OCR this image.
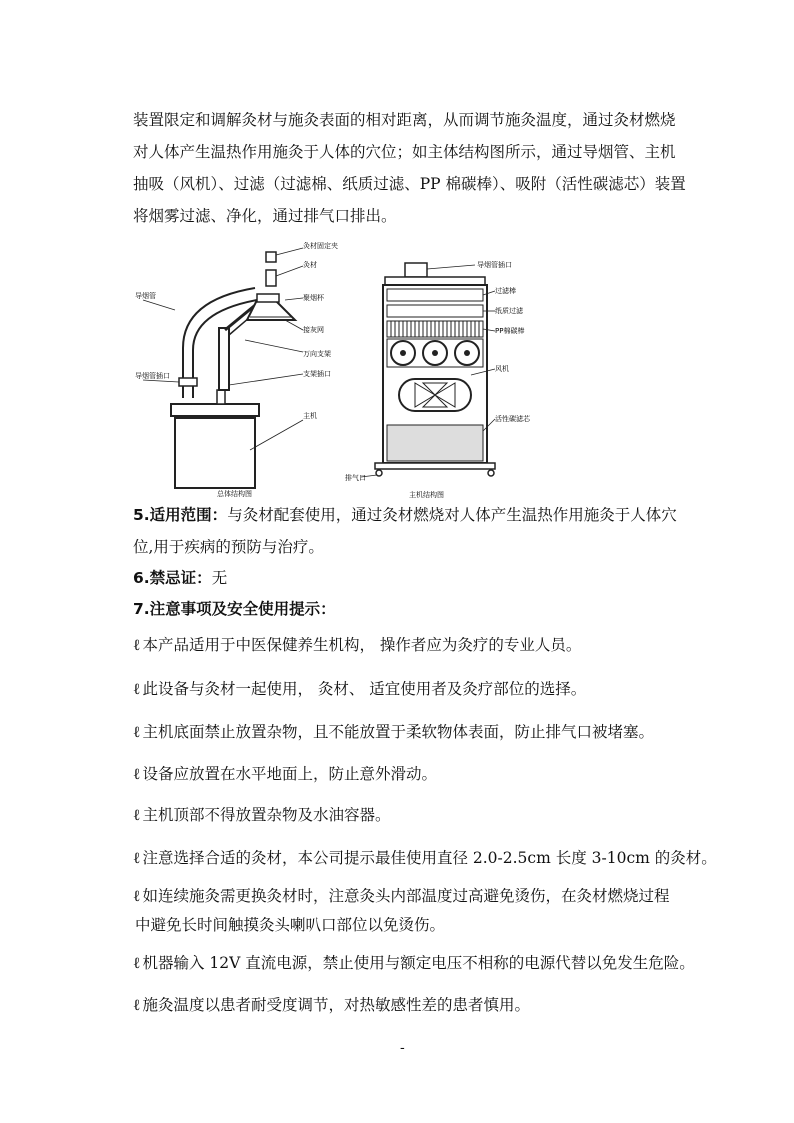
装置限定和调解灸材与施灸表面的相对距离，从而调节施灸温度，通过灸材燃烧

对人体产生温热作用施灸于人体的穴位；如主体结构图所示，通过导烟管、主机

抽吸（风机）、过滤（过滤棉、纸质过滤、PP 棉碳棒）、吸附（活性碳滤芯）装置

将烟雾过滤、净化，通过排气口排出。

灸材固定夹
灸材
聚烟杯
接灰网
万向支架
支架插口
主机
导烟管
导烟管插口
总体结构图
导烟管插口
过滤棒
纸质过滤
PP棉碳棒
风机
活性碳滤芯
排气口
主机结构图

5.适用范围：与灸材配套使用，通过灸材燃烧对人体产生温热作用施灸于人体穴

位,用于疾病的预防与治疗。

6.禁忌证：无

7.注意事项及安全使用提示：

ℓ 本产品适用于中医保健养生机构， 操作者应为灸疗的专业人员。

ℓ 此设备与灸材一起使用， 灸材、 适宜使用者及灸疗部位的选择。

ℓ 主机底面禁止放置杂物，且不能放置于柔软物体表面，防止排气口被堵塞。

ℓ 设备应放置在水平地面上，防止意外滑动。

ℓ 主机顶部不得放置杂物及水油容器。

ℓ 注意选择合适的灸材，本公司提示最佳使用直径 2.0-2.5cm 长度 3-10cm 的灸材。

ℓ 如连续施灸需更换灸材时，注意灸头内部温度过高避免烫伤，在灸材燃烧过程

中避免长时间触摸灸头喇叭口部位以免烫伤。

ℓ 机器输入 12V 直流电源，禁止使用与额定电压不相称的电源代替以免发生危险。

ℓ 施灸温度以患者耐受度调节，对热敏感性差的患者慎用。

-
